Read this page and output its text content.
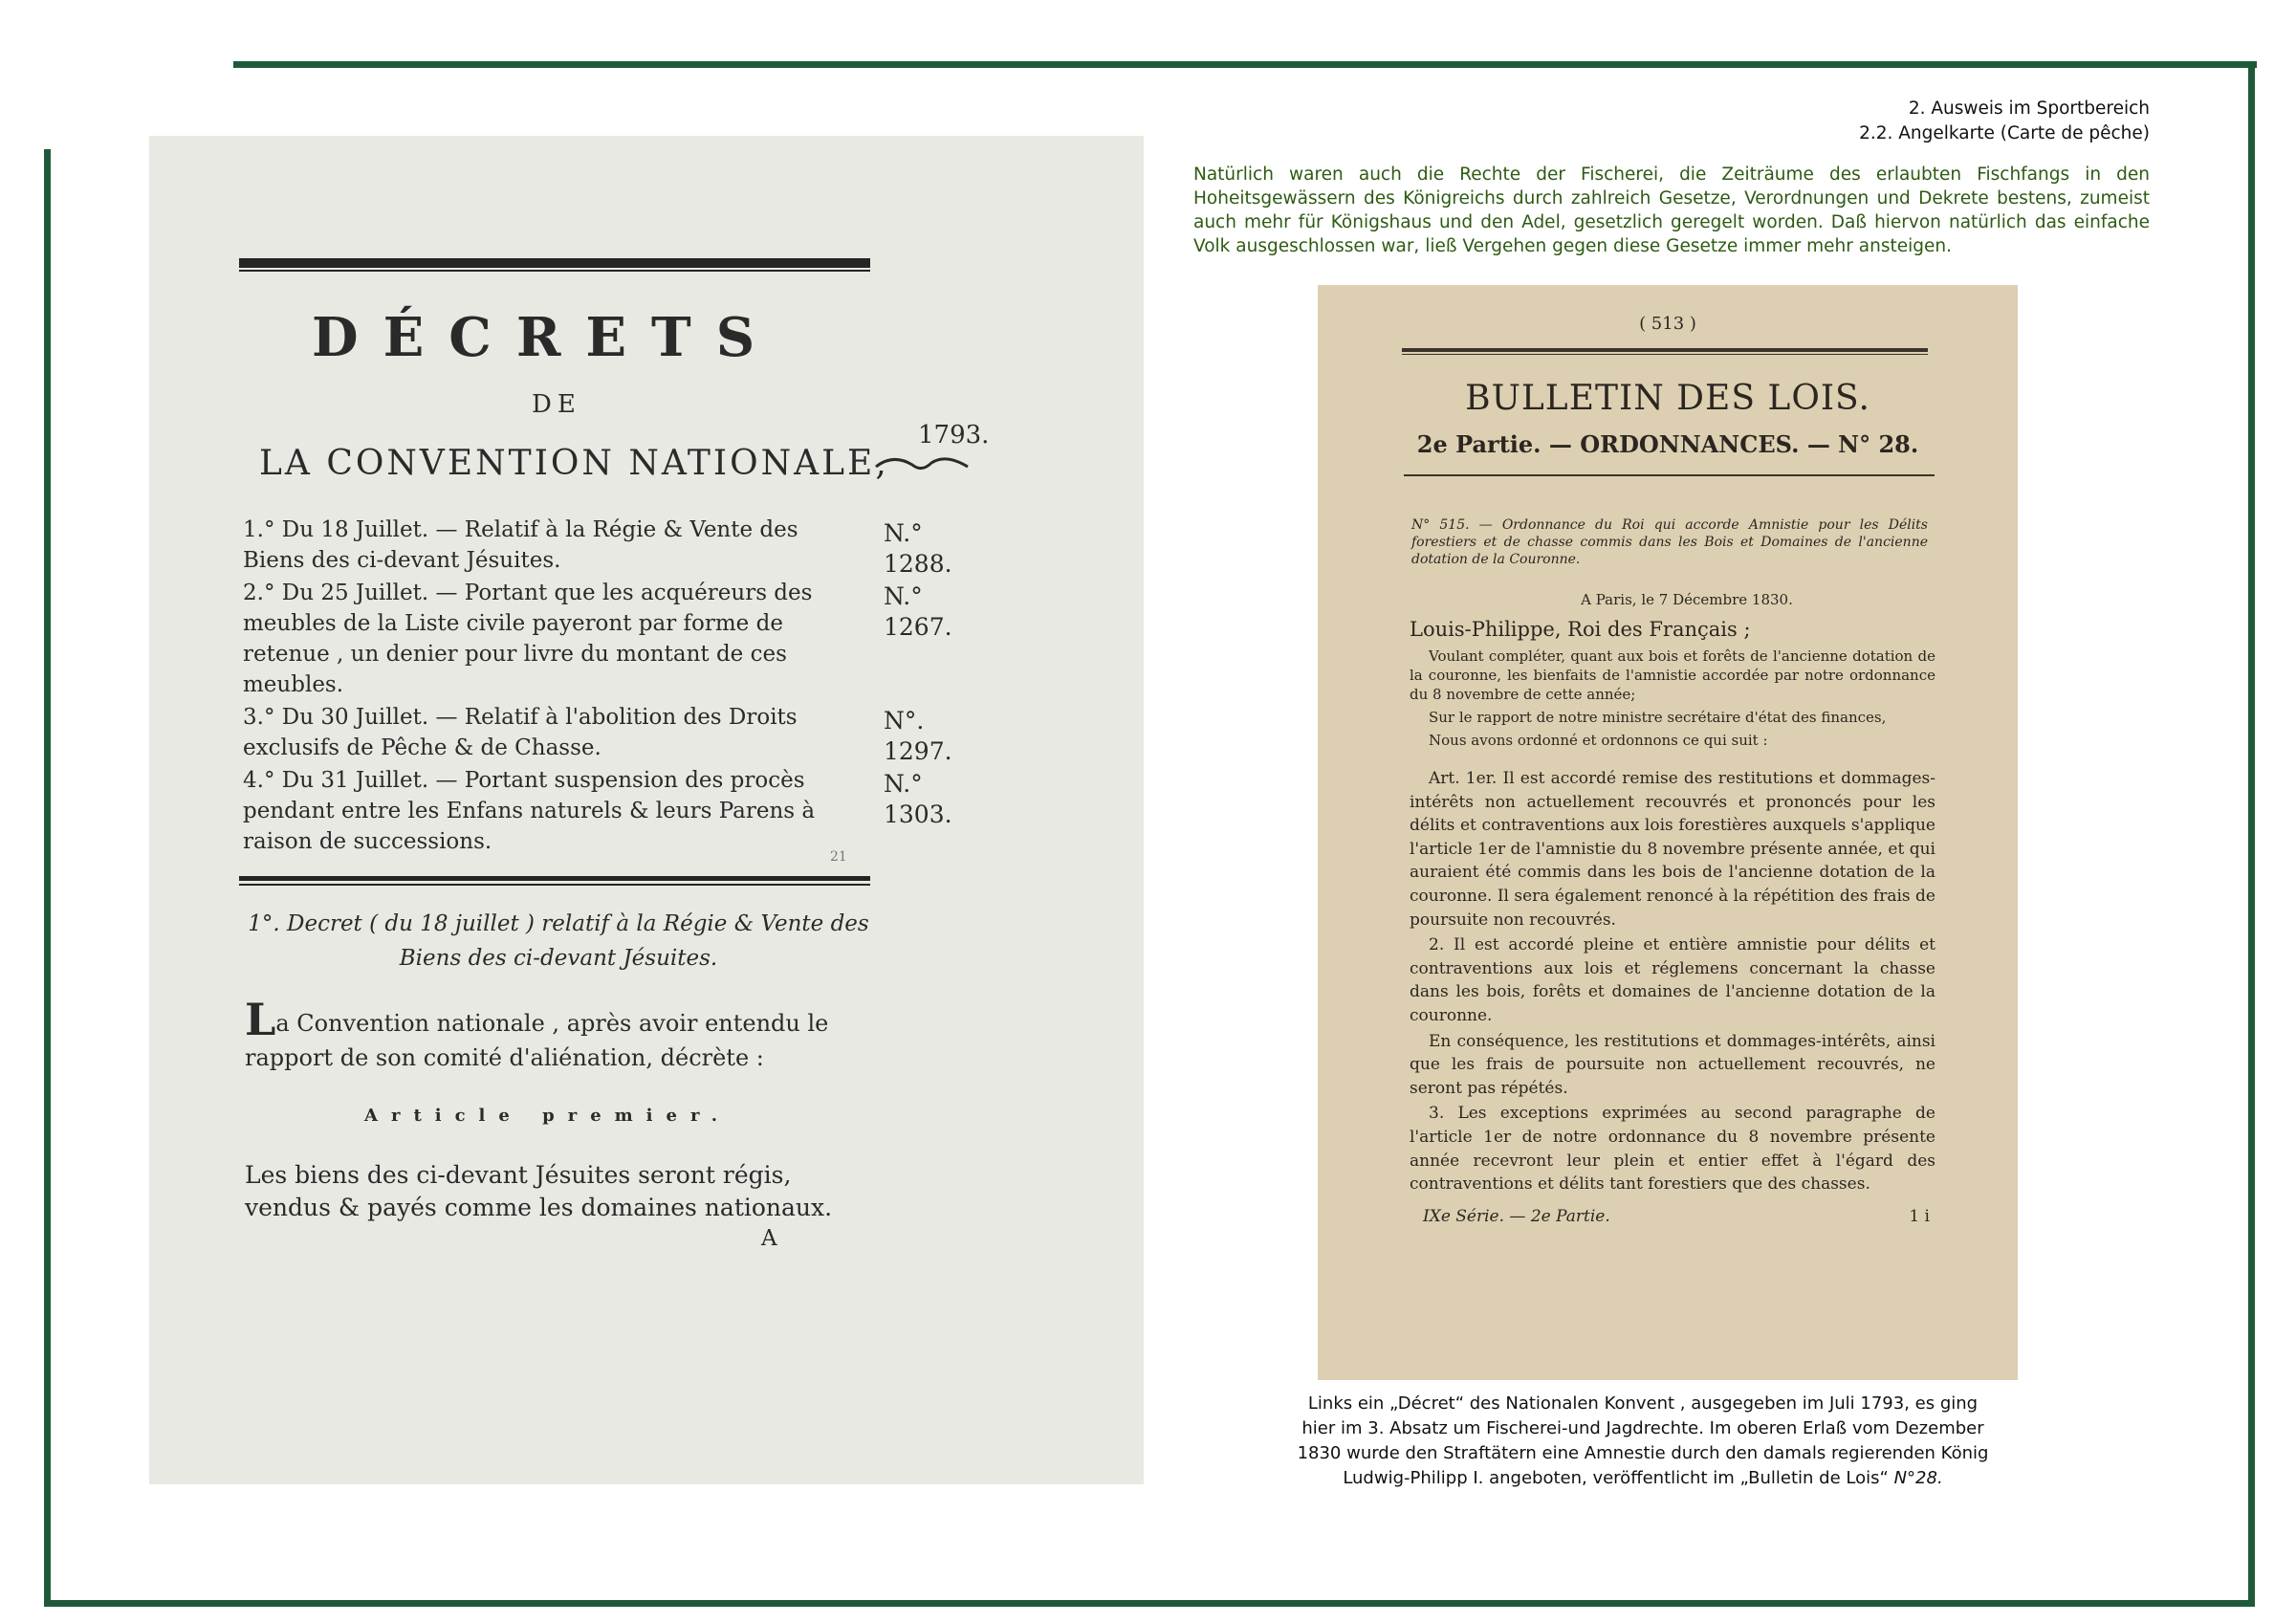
2. Ausweis im Sportbereich
2.2. Angelkarte (Carte de pêche)
Natürlich waren auch die Rechte der Fischerei, die Zeiträume des erlaubten Fischfangs in den Hoheitsgewässern des Königreichs durch zahlreich Gesetze, Verordnungen und Dekrete bestens, zumeist auch mehr für Königshaus und den Adel, gesetzlich geregelt worden. Daß hiervon natürlich das einfache Volk ausgeschlossen war, ließ Vergehen gegen diese Gesetze immer mehr ansteigen.
DÉCRETS
DE
LA CONVENTION NATIONALE,
1793.
1.° Du 18 Juillet. — Relatif à la Régie & Vente des Biens des ci-devant Jésuites.
N.° 1288.
2.° Du 25 Juillet. — Portant que les acquéreurs des meubles de la Liste civile payeront par forme de retenue , un denier pour livre du montant de ces meubles.
N.° 1267.
3.° Du 30 Juillet. — Relatif à l'abolition des Droits exclusifs de Pêche & de Chasse.
N°. 1297.
4.° Du 31 Juillet. — Portant suspension des procès pendant entre les Enfans naturels & leurs Parens à raison de successions.
N.° 1303.
21
1°. Decret ( du 18 juillet ) relatif à la Régie & Vente des Biens des ci-devant Jésuites.
La Convention nationale , après avoir entendu le rapport de son comité d'aliénation, décrète :
Article premier.
Les biens des ci-devant Jésuites seront régis, vendus & payés comme les domaines nationaux.
A
( 513 )
BULLETIN DES LOIS.
2e Partie. — ORDONNANCES. — N° 28.
N° 515. — Ordonnance du Roi qui accorde Amnistie pour les Délits forestiers et de chasse commis dans les Bois et Domaines de l'ancienne dotation de la Couronne.
A Paris, le 7 Décembre 1830.
Louis-Philippe, Roi des Français ;

Voulant compléter, quant aux bois et forêts de l'ancienne dotation de la couronne, les bienfaits de l'amnistie accordée par notre ordonnance du 8 novembre de cette année;

Sur le rapport de notre ministre secrétaire d'état des finances,

Nous avons ordonné et ordonnons ce qui suit :

Art. 1er. Il est accordé remise des restitutions et dommages-intérêts non actuellement recouvrés et prononcés pour les délits et contraventions aux lois forestières auxquels s'applique l'article 1er de l'amnistie du 8 novembre présente année, et qui auraient été commis dans les bois de l'ancienne dotation de la couronne. Il sera également renoncé à la répétition des frais de poursuite non recouvrés.

2. Il est accordé pleine et entière amnistie pour délits et contraventions aux lois et réglemens concernant la chasse dans les bois, forêts et domaines de l'ancienne dotation de la couronne.

En conséquence, les restitutions et dommages-intérêts, ainsi que les frais de poursuite non actuellement recouvrés, ne seront pas répétés.

3. Les exceptions exprimées au second paragraphe de l'article 1er de notre ordonnance du 8 novembre présente année recevront leur plein et entier effet à l'égard des contraventions et délits tant forestiers que des chasses.

IXe Série. — 2e Partie.	1 i
Links ein „Décret“ des Nationalen Konvent , ausgegeben im Juli 1793, es ging
hier im 3. Absatz um Fischerei-und Jagdrechte. Im oberen Erlaß vom Dezember
1830 wurde den Straftätern eine Amnestie durch den damals regierenden König
Ludwig-Philipp I. angeboten, veröffentlicht im „Bulletin de Lois“ N°28.
